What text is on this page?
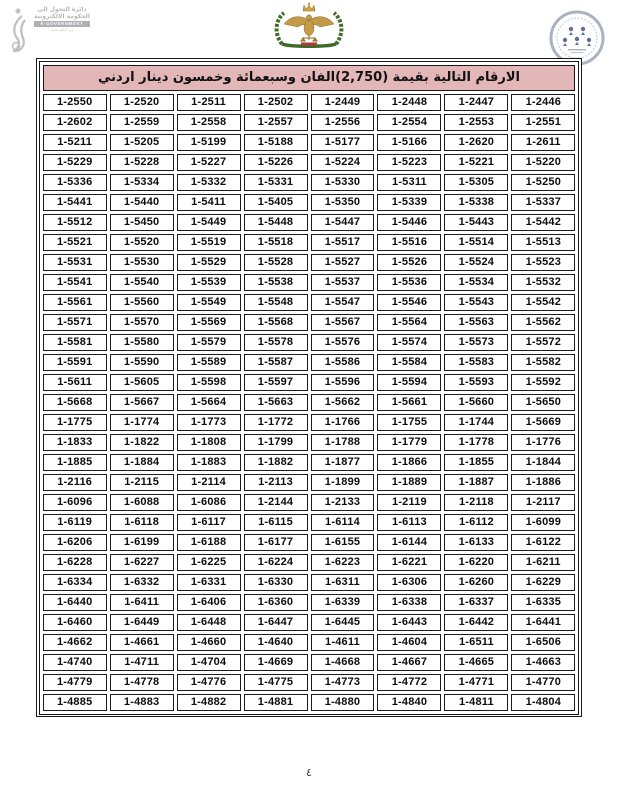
✺	دائرة التحول الى
الحكومة الالكترونية
E-GOVERNMENT
من أجلكم نعمل
الارقام التالية بقيمة (2,750)الفان وسبعمائة وخمسون دينار اردني							
1-2550	1-2520	1-2511	1-2502	1-2449	1-2448	1-2447	1-2446
1-2602	1-2559	1-2558	1-2557	1-2556	1-2554	1-2553	1-2551
1-5211	1-5205	1-5199	1-5188	1-5177	1-5166	1-2620	1-2611
1-5229	1-5228	1-5227	1-5226	1-5224	1-5223	1-5221	1-5220
1-5336	1-5334	1-5332	1-5331	1-5330	1-5311	1-5305	1-5250
1-5441	1-5440	1-5411	1-5405	1-5350	1-5339	1-5338	1-5337
1-5512	1-5450	1-5449	1-5448	1-5447	1-5446	1-5443	1-5442
1-5521	1-5520	1-5519	1-5518	1-5517	1-5516	1-5514	1-5513
1-5531	1-5530	1-5529	1-5528	1-5527	1-5526	1-5524	1-5523
1-5541	1-5540	1-5539	1-5538	1-5537	1-5536	1-5534	1-5532
1-5561	1-5560	1-5549	1-5548	1-5547	1-5546	1-5543	1-5542
1-5571	1-5570	1-5569	1-5568	1-5567	1-5564	1-5563	1-5562
1-5581	1-5580	1-5579	1-5578	1-5576	1-5574	1-5573	1-5572
1-5591	1-5590	1-5589	1-5587	1-5586	1-5584	1-5583	1-5582
1-5611	1-5605	1-5598	1-5597	1-5596	1-5594	1-5593	1-5592
1-5668	1-5667	1-5664	1-5663	1-5662	1-5661	1-5660	1-5650
1-1775	1-1774	1-1773	1-1772	1-1766	1-1755	1-1744	1-5669
1-1833	1-1822	1-1808	1-1799	1-1788	1-1779	1-1778	1-1776
1-1885	1-1884	1-1883	1-1882	1-1877	1-1866	1-1855	1-1844
1-2116	1-2115	1-2114	1-2113	1-1899	1-1889	1-1887	1-1886
1-6096	1-6088	1-6086	1-2144	1-2133	1-2119	1-2118	1-2117
1-6119	1-6118	1-6117	1-6115	1-6114	1-6113	1-6112	1-6099
1-6206	1-6199	1-6188	1-6177	1-6155	1-6144	1-6133	1-6122
1-6228	1-6227	1-6225	1-6224	1-6223	1-6221	1-6220	1-6211
1-6334	1-6332	1-6331	1-6330	1-6311	1-6306	1-6260	1-6229
1-6440	1-6411	1-6406	1-6360	1-6339	1-6338	1-6337	1-6335
1-6460	1-6449	1-6448	1-6447	1-6445	1-6443	1-6442	1-6441
1-4662	1-4661	1-4660	1-4640	1-4611	1-4604	1-6511	1-6506
1-4740	1-4711	1-4704	1-4669	1-4668	1-4667	1-4665	1-4663
1-4779	1-4778	1-4776	1-4775	1-4773	1-4772	1-4771	1-4770
1-4885	1-4883	1-4882	1-4881	1-4880	1-4840	1-4811	1-4804
٤
